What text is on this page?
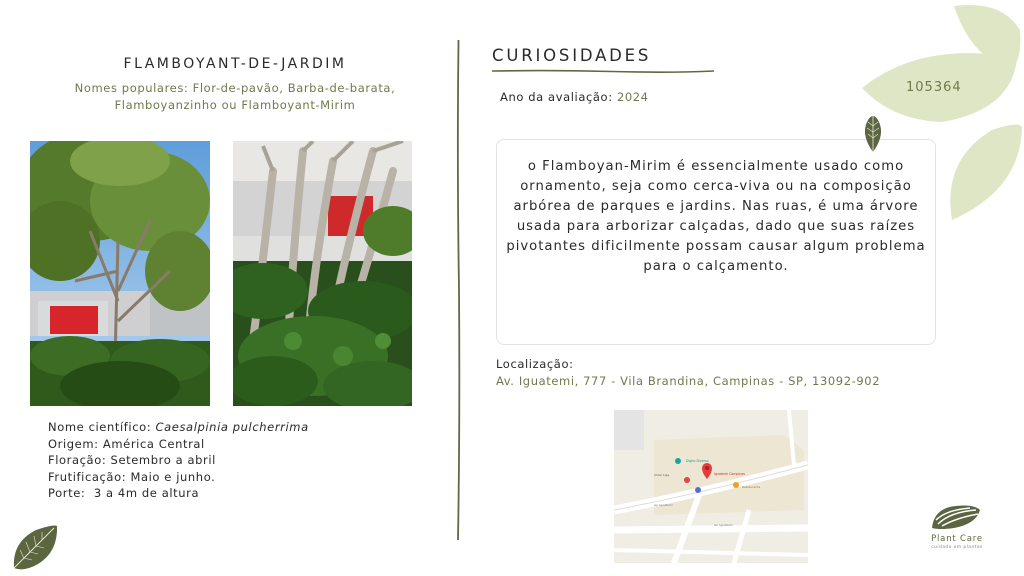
FLAMBOYANT-DE-JARDIM
Nomes populares: Flor-de-pavão, Barba-de-barata,
Flamboyanzinho ou Flamboyant-Mirim
Nome científico: Caesalpinia pulcherrima
Origem: América Central
Floração: Setembro a abril
Frutificação: Maio e junho.
Porte:  3 a 4m de altura
CURIOSIDADES
Ano da avaliação: 2024
o Flamboyan-Mirim é essencialmente usado como ornamento, seja como cerca-viva ou na composição arbórea de parques e jardins. Nas ruas, é uma árvore usada para arborizar calçadas, dado que suas raízes pivotantes dificilmente possam causar algum problema para o calçamento.
Localização:
Av. Iguatemi, 777 - Vila Brandina, Campinas - SP, 13092-902
Digito Diverso
Iguatemi Campinas
Clinic Loja
Restaurante
Av. Iguatemi
Av. Iguatemi
105364
Plant Care
cuidado em plantas
